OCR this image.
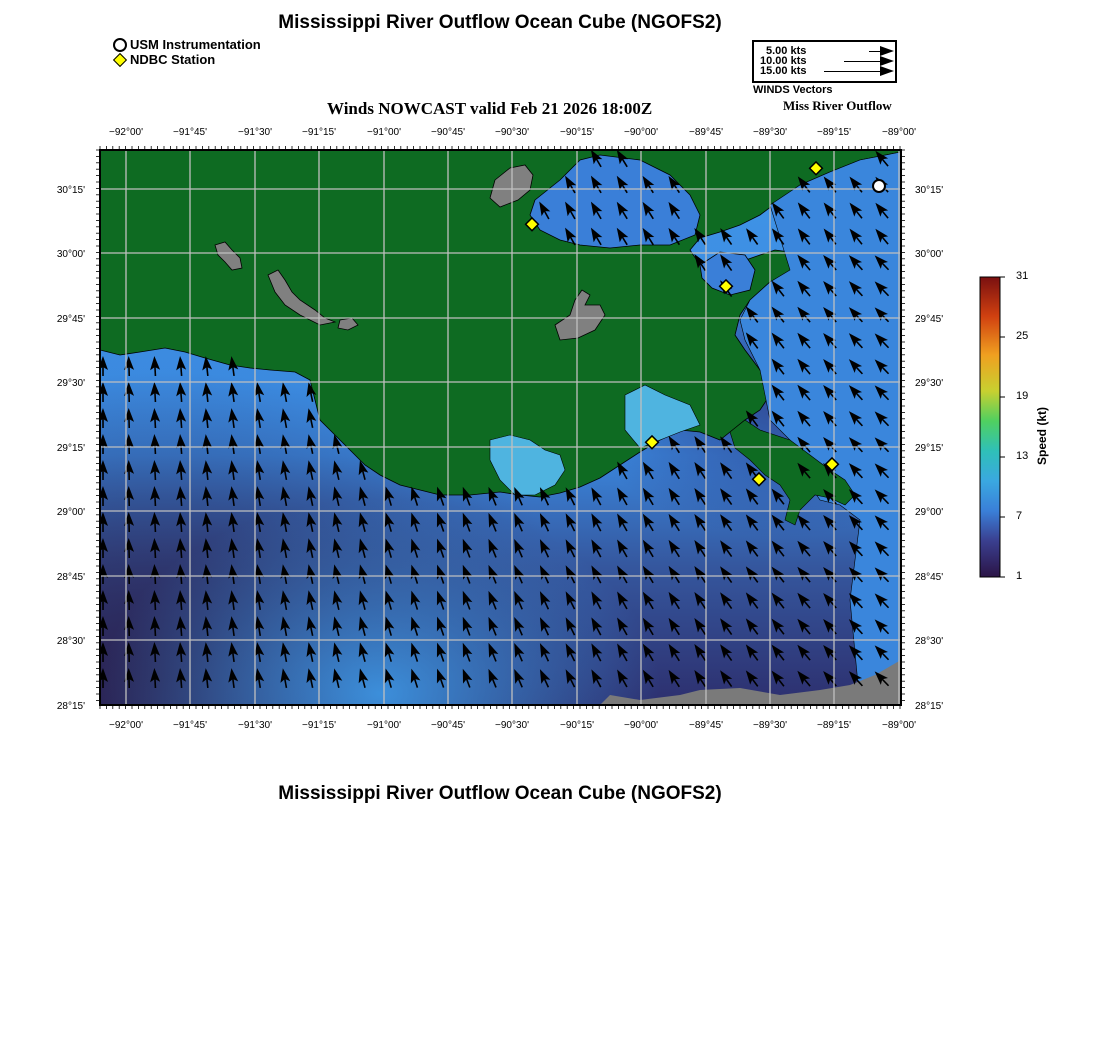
Mississippi River Outflow Ocean Cube (NGOFS2)
USM Instrumentation
NDBC Station
5.00 kts
10.00 kts
15.00 kts
WINDS Vectors
Winds NOWCAST valid Feb 21 2026 18:00Z	Miss River Outflow
−92°00'	−91°45'	−91°30'	−91°15'	−91°00'	−90°45'	−90°30'	−90°15'	−90°00'	−89°45'	−89°30'	−89°15'	−89°00'
−92°00'	−91°45'	−91°30'	−91°15'	−91°00'	−90°45'	−90°30'	−90°15'	−90°00'	−89°45'	−89°30'	−89°15'	−89°00'
30°15'
30°00'
29°45'
29°30'
29°15'
29°00'
28°45'
28°30'
28°15'
30°15'
30°00'
29°45'
29°30'
29°15'
29°00'
28°45'
28°30'
28°15'
Speed (kt)
31
25
19
13
7
1
Mississippi River Outflow Ocean Cube (NGOFS2)
